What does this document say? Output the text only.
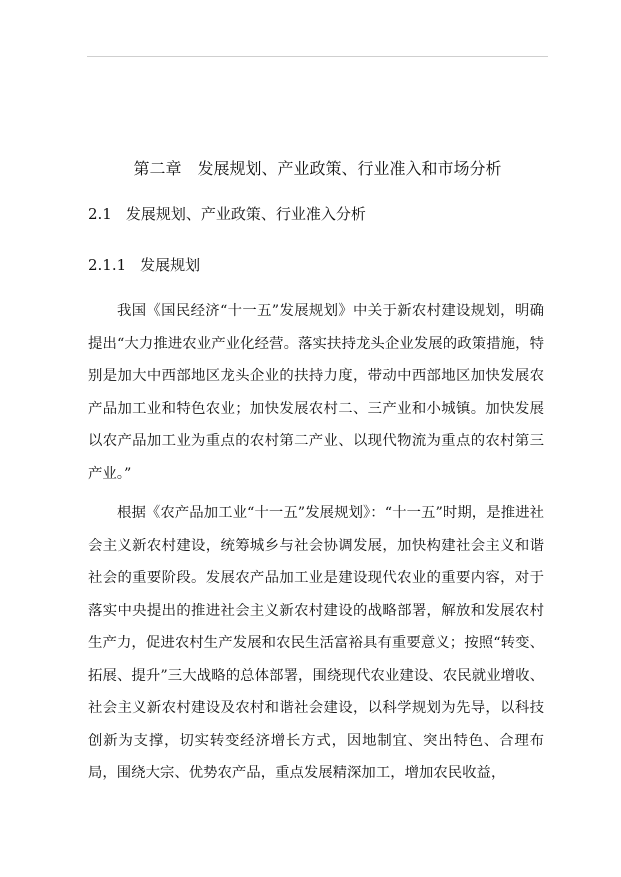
第二章　发展规划、产业政策、行业准入和市场分析
2.1 发展规划、产业政策、行业准入分析
2.1.1 发展规划

我国《国民经济“十一五”发展规划》中关于新农村建设规划，明确提出“大力推进农业产业化经营。落实扶持龙头企业发展的政策措施，特别是加大中西部地区龙头企业的扶持力度，带动中西部地区加快发展农产品加工业和特色农业；加快发展农村二、三产业和小城镇。加快发展以农产品加工业为重点的农村第二产业、以现代物流为重点的农村第三产业。”

根据《农产品加工业“十一五”发展规划》：“十一五”时期，是推进社会主义新农村建设，统筹城乡与社会协调发展，加快构建社会主义和谐社会的重要阶段。发展农产品加工业是建设现代农业的重要内容，对于落实中央提出的推进社会主义新农村建设的战略部署，解放和发展农村生产力，促进农村生产发展和农民生活富裕具有重要意义；按照“转变、拓展、提升”三大战略的总体部署，围绕现代农业建设、农民就业增收、社会主义新农村建设及农村和谐社会建设，以科学规划为先导，以科技创新为支撑，切实转变经济增长方式，因地制宜、突出特色、合理布局，围绕大宗、优势农产品，重点发展精深加工，增加农民收益，
